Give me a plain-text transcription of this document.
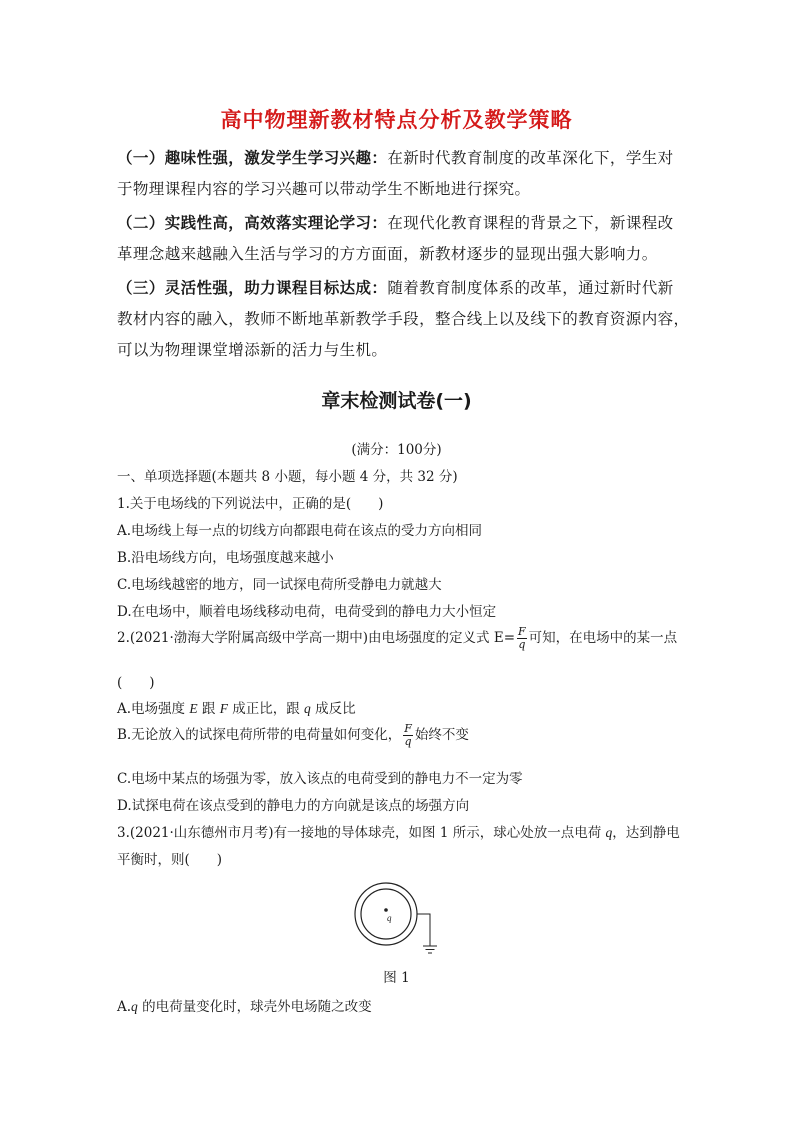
高中物理新教材特点分析及教学策略
（一）趣味性强，激发学生学习兴趣：在新时代教育制度的改革深化下，学生对
于物理课程内容的学习兴趣可以带动学生不断地进行探究。
（二）实践性高，高效落实理论学习：在现代化教育课程的背景之下，新课程改
革理念越来越融入生活与学习的方方面面，新教材逐步的显现出强大影响力。
（三）灵活性强，助力课程目标达成：随着教育制度体系的改革，通过新时代新
教材内容的融入，教师不断地革新教学手段，整合线上以及线下的教育资源内容，
可以为物理课堂增添新的活力与生机。
章末检测试卷(一)
(满分：100分)
一、单项选择题(本题共 8 小题，每小题 4 分，共 32 分)
1.关于电场线的下列说法中，正确的是(　　)
A.电场线上每一点的切线方向都跟电荷在该点的受力方向相同
B.沿电场线方向，电场强度越来越小
C.电场线越密的地方，同一试探电荷所受静电力就越大
D.在电场中，顺着电场线移动电荷，电荷受到的静电力大小恒定
2.(2021·渤海大学附属高级中学高一期中)由电场强度的定义式 $E= \frac{F}{q}$ 可知，在电场中的某一点
(　　)
A.电场强度 E 跟 F 成正比，跟 q 成反比
B.无论放入的试探电荷所带的电荷量如何变化， $\frac{F}{q}$ 始终不变
C.电场中某点的场强为零，放入该点的电荷受到的静电力不一定为零
D.试探电荷在该点受到的静电力的方向就是该点的场强方向
3.(2021·山东德州市月考)有一接地的导体球壳，如图 1 所示，球心处放一点电荷 q，达到静电
平衡时，则(　　)
q
图 1
A.q 的电荷量变化时，球壳外电场随之改变
